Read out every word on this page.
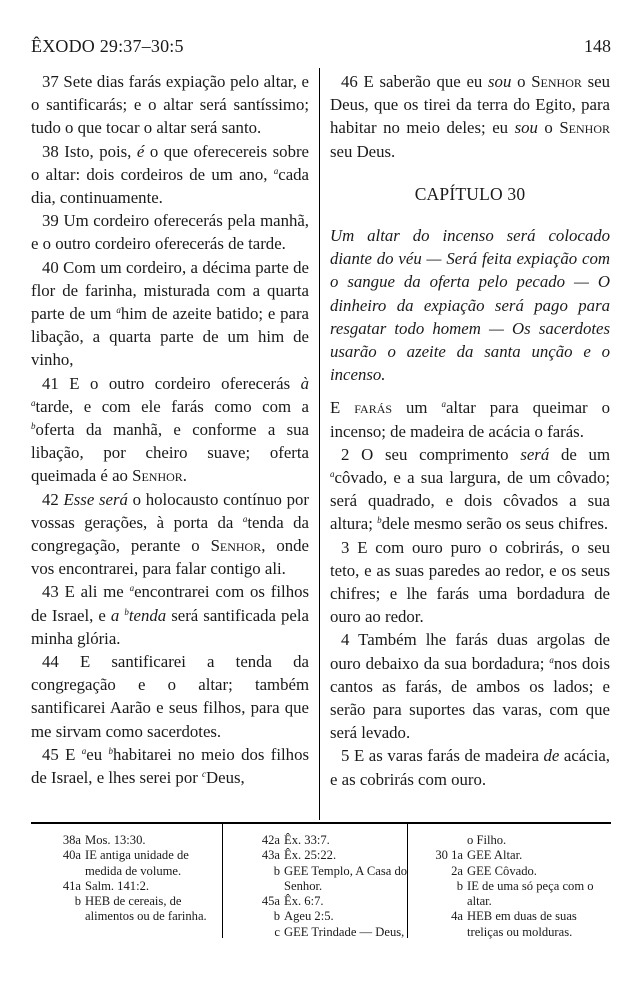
ÊXODO 29:37–30:5	148

37 Sete dias farás expiação pelo altar, e o santificarás; e o altar será santíssimo; tudo o que tocar o altar será santo.

38 Isto, pois, é o que oferecereis sobre o altar: dois cordeiros de um ano, $^a$cada dia, continuamente.

39 Um cordeiro oferecerás pela manhã, e o outro cordeiro oferecerás de tarde.

40 Com um cordeiro, a décima parte de flor de farinha, misturada com a quarta parte de um $^a$him de azeite batido; e para libação, a quarta parte de um him de vinho,

41 E o outro cordeiro oferecerás à $^a$tarde, e com ele farás como com a $^b$oferta da manhã, e conforme a sua libação, por cheiro suave; oferta queimada é ao Senhor.

42 Esse será o holocausto contínuo por vossas gerações, à porta da $^a$tenda da congregação, perante o Senhor, onde vos encontrarei, para falar contigo ali.

43 E ali me $^a$encontrarei com os filhos de Israel, e a $^b$tenda será santificada pela minha glória.

44 E santificarei a tenda da congregação e o altar; também santificarei Aarão e seus filhos, para que me sirvam como sacerdotes.

45 E $^a$eu $^b$habitarei no meio dos filhos de Israel, e lhes serei por $^c$Deus,

46 E saberão que eu sou o Senhor seu Deus, que os tirei da terra do Egito, para habitar no meio deles; eu sou o Senhor seu Deus.

CAPÍTULO 30

Um altar do incenso será colocado diante do véu — Será feita expiação com o sangue da oferta pelo pecado — O dinheiro da expiação será pago para resgatar todo homem — Os sacerdotes usarão o azeite da santa unção e o incenso.

E farás um $^a$altar para queimar o incenso; de madeira de acácia o farás.

2 O seu comprimento será de um $^a$côvado, e a sua largura, de um côvado; será quadrado, e dois côvados a sua altura; $^b$dele mesmo serão os seus chifres.

3 E com ouro puro o cobrirás, o seu teto, e as suas paredes ao redor, e os seus chifres; e lhe farás uma bordadura de ouro ao redor.

4 Também lhe farás duas argolas de ouro debaixo da sua bordadura; $^a$nos dois cantos as farás, de ambos os lados; e serão para suportes das varas, com que será levado.

5 E as varas farás de madeira de acácia, e as cobrirás com ouro.

38a Mos. 13:30.
40a IE antiga unidade de medida de volume.
41a Salm. 141:2.
b HEB de cereais, de alimentos ou de farinha.
42a Êx. 33:7.
43a Êx. 25:22.
b GEE Templo, A Casa do Senhor.
45a Êx. 6:7.
b Ageu 2:5.
c GEE Trindade — Deus,
o Filho.
30 1a GEE Altar.
2a GEE Côvado.
b IE de uma só peça com o altar.
4a HEB em duas de suas treliças ou molduras.
